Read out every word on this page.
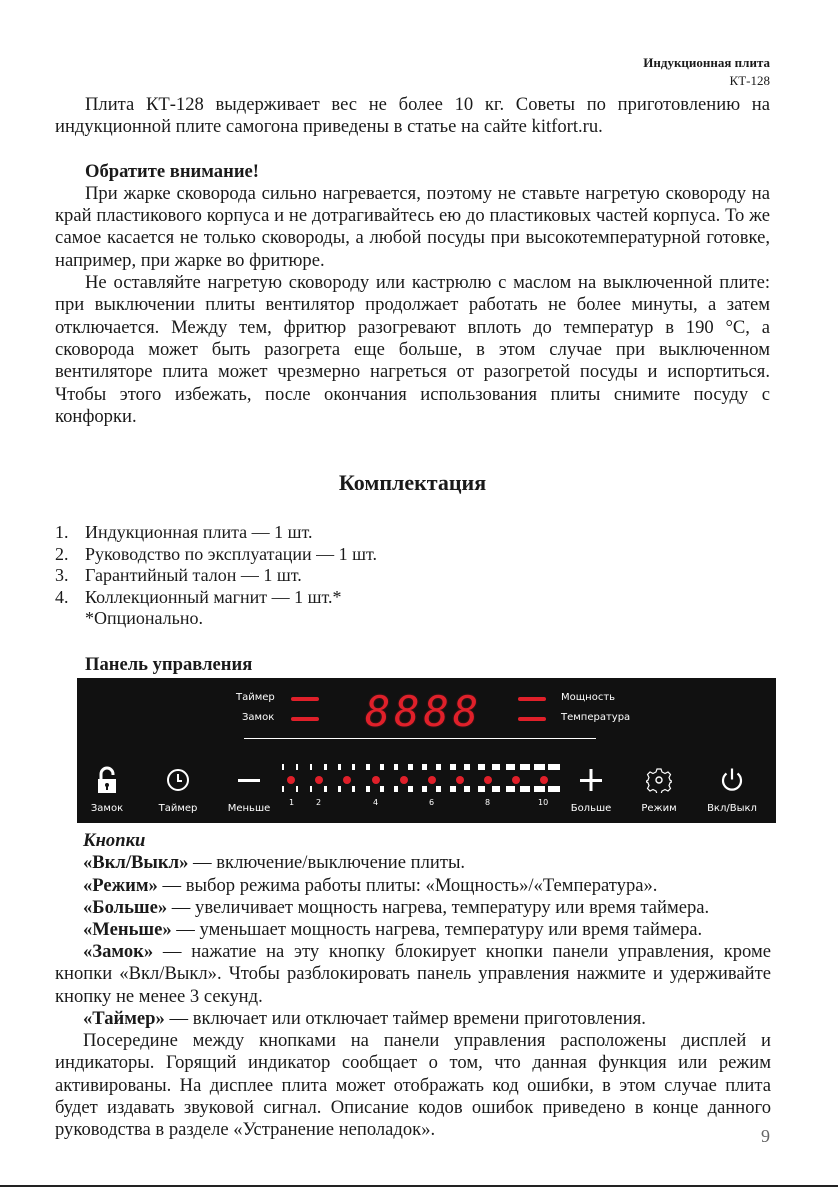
Индукционная плита
КТ-128

Плита КТ-128 выдерживает вес не более 10 кг. Советы по приготовлению на индукционной плите самогона приведены в статье на сайте kitfort.ru.

Обратите внимание!

При жарке сковорода сильно нагревается, поэтому не ставьте нагретую сковороду на край пластикового корпуса и не дотрагивайтесь ею до пластиковых частей корпуса. То же самое касается не только сковороды, а любой посуды при высокотемпературной готовке, например, при жарке во фритюре.

Не оставляйте нагретую сковороду или кастрюлю с маслом на выключенной плите: при выключении плиты вентилятор продолжает работать не более минуты, а затем отключается. Между тем, фритюр разогревают вплоть до температур в 190 °С, а сковорода может быть разогрета еще больше, в этом случае при выключенном вентиляторе плита может чрезмерно нагреться от разогретой посуды и испортиться. Чтобы этого избежать, после окончания использования плиты снимите посуду с конфорки.

Комплектация
1. Индукционная плита — 1 шт.
2. Руководство по эксплуатации — 1 шт.
3. Гарантийный талон — 1 шт.
4. Коллекционный магнит — 1 шт.*
*Опционально.
Панель управления
Таймер
Замок 8888	Мощность
Температура
Замок	Таймер	Меньше
1	2	4	6	8	10
Больше	Режим	Вкл/Выкл

Кнопки

«Вкл/Выкл» — включение/выключение плиты.

«Режим» — выбор режима работы плиты: «Мощность»/«Температура».

«Больше» — увеличивает мощность нагрева, температуру или время таймера.

«Меньше» — уменьшает мощность нагрева, температуру или время таймера.

«Замок» — нажатие на эту кнопку блокирует кнопки панели управления, кроме кнопки «Вкл/Выкл». Чтобы разблокировать панель управления нажмите и удерживайте кнопку не менее 3 секунд.

«Таймер» — включает или отключает таймер времени приготовления.

Посередине между кнопками на панели управления расположены дисплей и индикаторы. Горящий индикатор сообщает о том, что данная функция или режим активированы. На дисплее плита может отображать код ошибки, в этом случае плита будет издавать звуковой сигнал. Описание кодов ошибок приведено в конце данного руководства в разделе «Устранение неполадок».	9
